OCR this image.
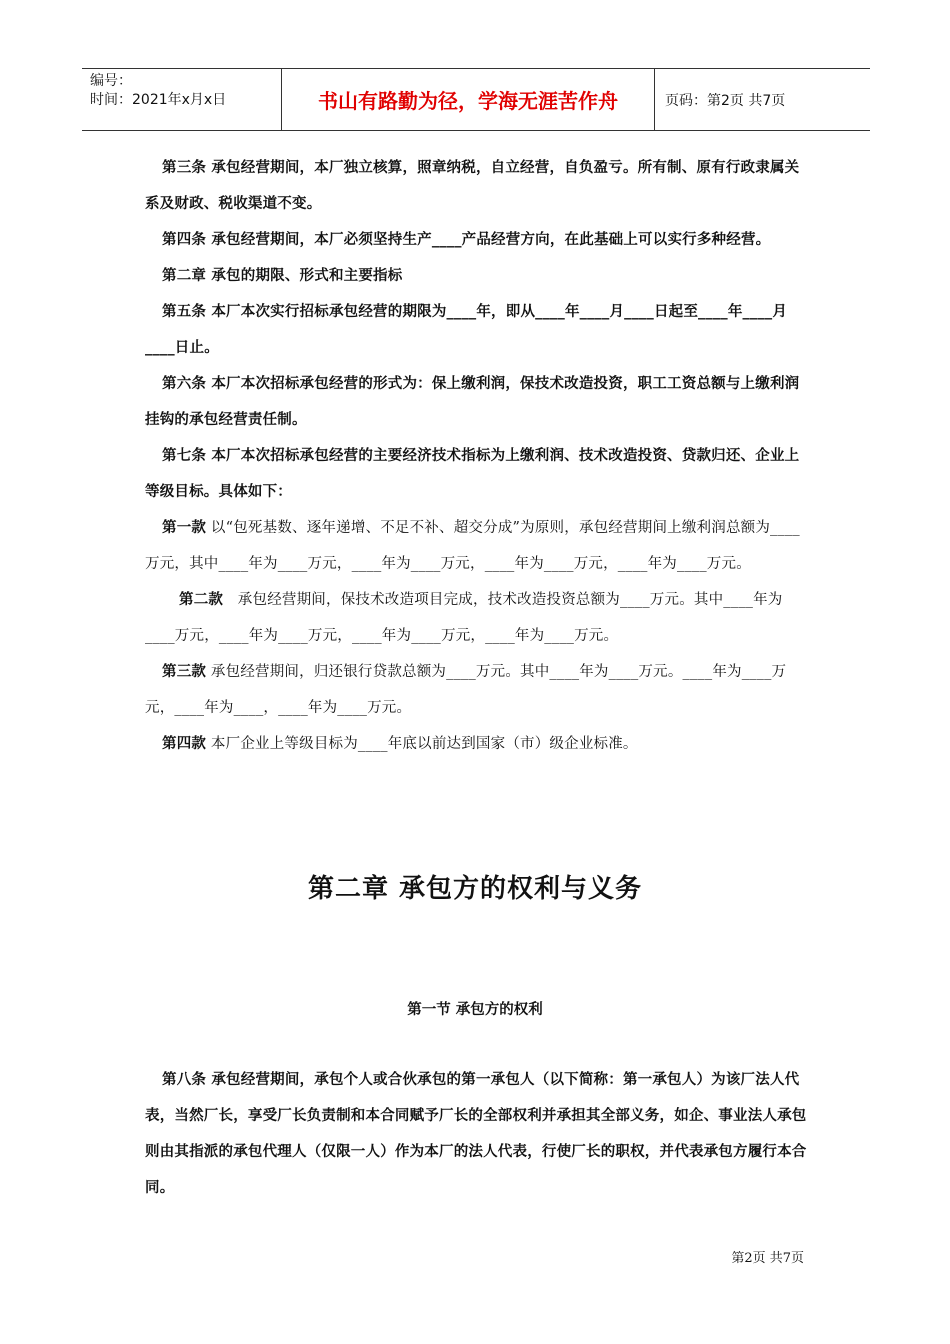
编号：
时间：2021年x月x日	书山有路勤为径，学海无涯苦作舟	页码：第2页 共7页

第三条 承包经营期间，本厂独立核算，照章纳税，自立经营，自负盈亏。所有制、原有行政隶属关系及财政、税收渠道不变。

第四条 承包经营期间，本厂必须坚持生产____产品经营方向，在此基础上可以实行多种经营。

第二章 承包的期限、形式和主要指标

第五条 本厂本次实行招标承包经营的期限为____年，即从____年____月____日起至____年____月____日止。

第六条 本厂本次招标承包经营的形式为：保上缴利润，保技术改造投资，职工工资总额与上缴利润挂钩的承包经营责任制。

第七条 本厂本次招标承包经营的主要经济技术指标为上缴利润、技术改造投资、贷款归还、企业上等级目标。具体如下：

第一款 以“包死基数、逐年递增、不足不补、超交分成”为原则，承包经营期间上缴利润总额为____万元，其中____年为____万元，____年为____万元，____年为____万元，____年为____万元。

第二款　承包经营期间，保技术改造项目完成，技术改造投资总额为____万元。其中____年为____万元，____年为____万元，____年为____万元，____年为____万元。

第三款 承包经营期间，归还银行贷款总额为____万元。其中____年为____万元。____年为____万元，____年为____，____年为____万元。

第四款 本厂企业上等级目标为____年底以前达到国家（市）级企业标准。

第二章 承包方的权利与义务
第一节 承包方的权利

第八条 承包经营期间，承包个人或合伙承包的第一承包人（以下简称：第一承包人）为该厂法人代表，当然厂长，享受厂长负责制和本合同赋予厂长的全部权利并承担其全部义务，如企、事业法人承包则由其指派的承包代理人（仅限一人）作为本厂的法人代表，行使厂长的职权，并代表承包方履行本合同。

第2页 共7页
